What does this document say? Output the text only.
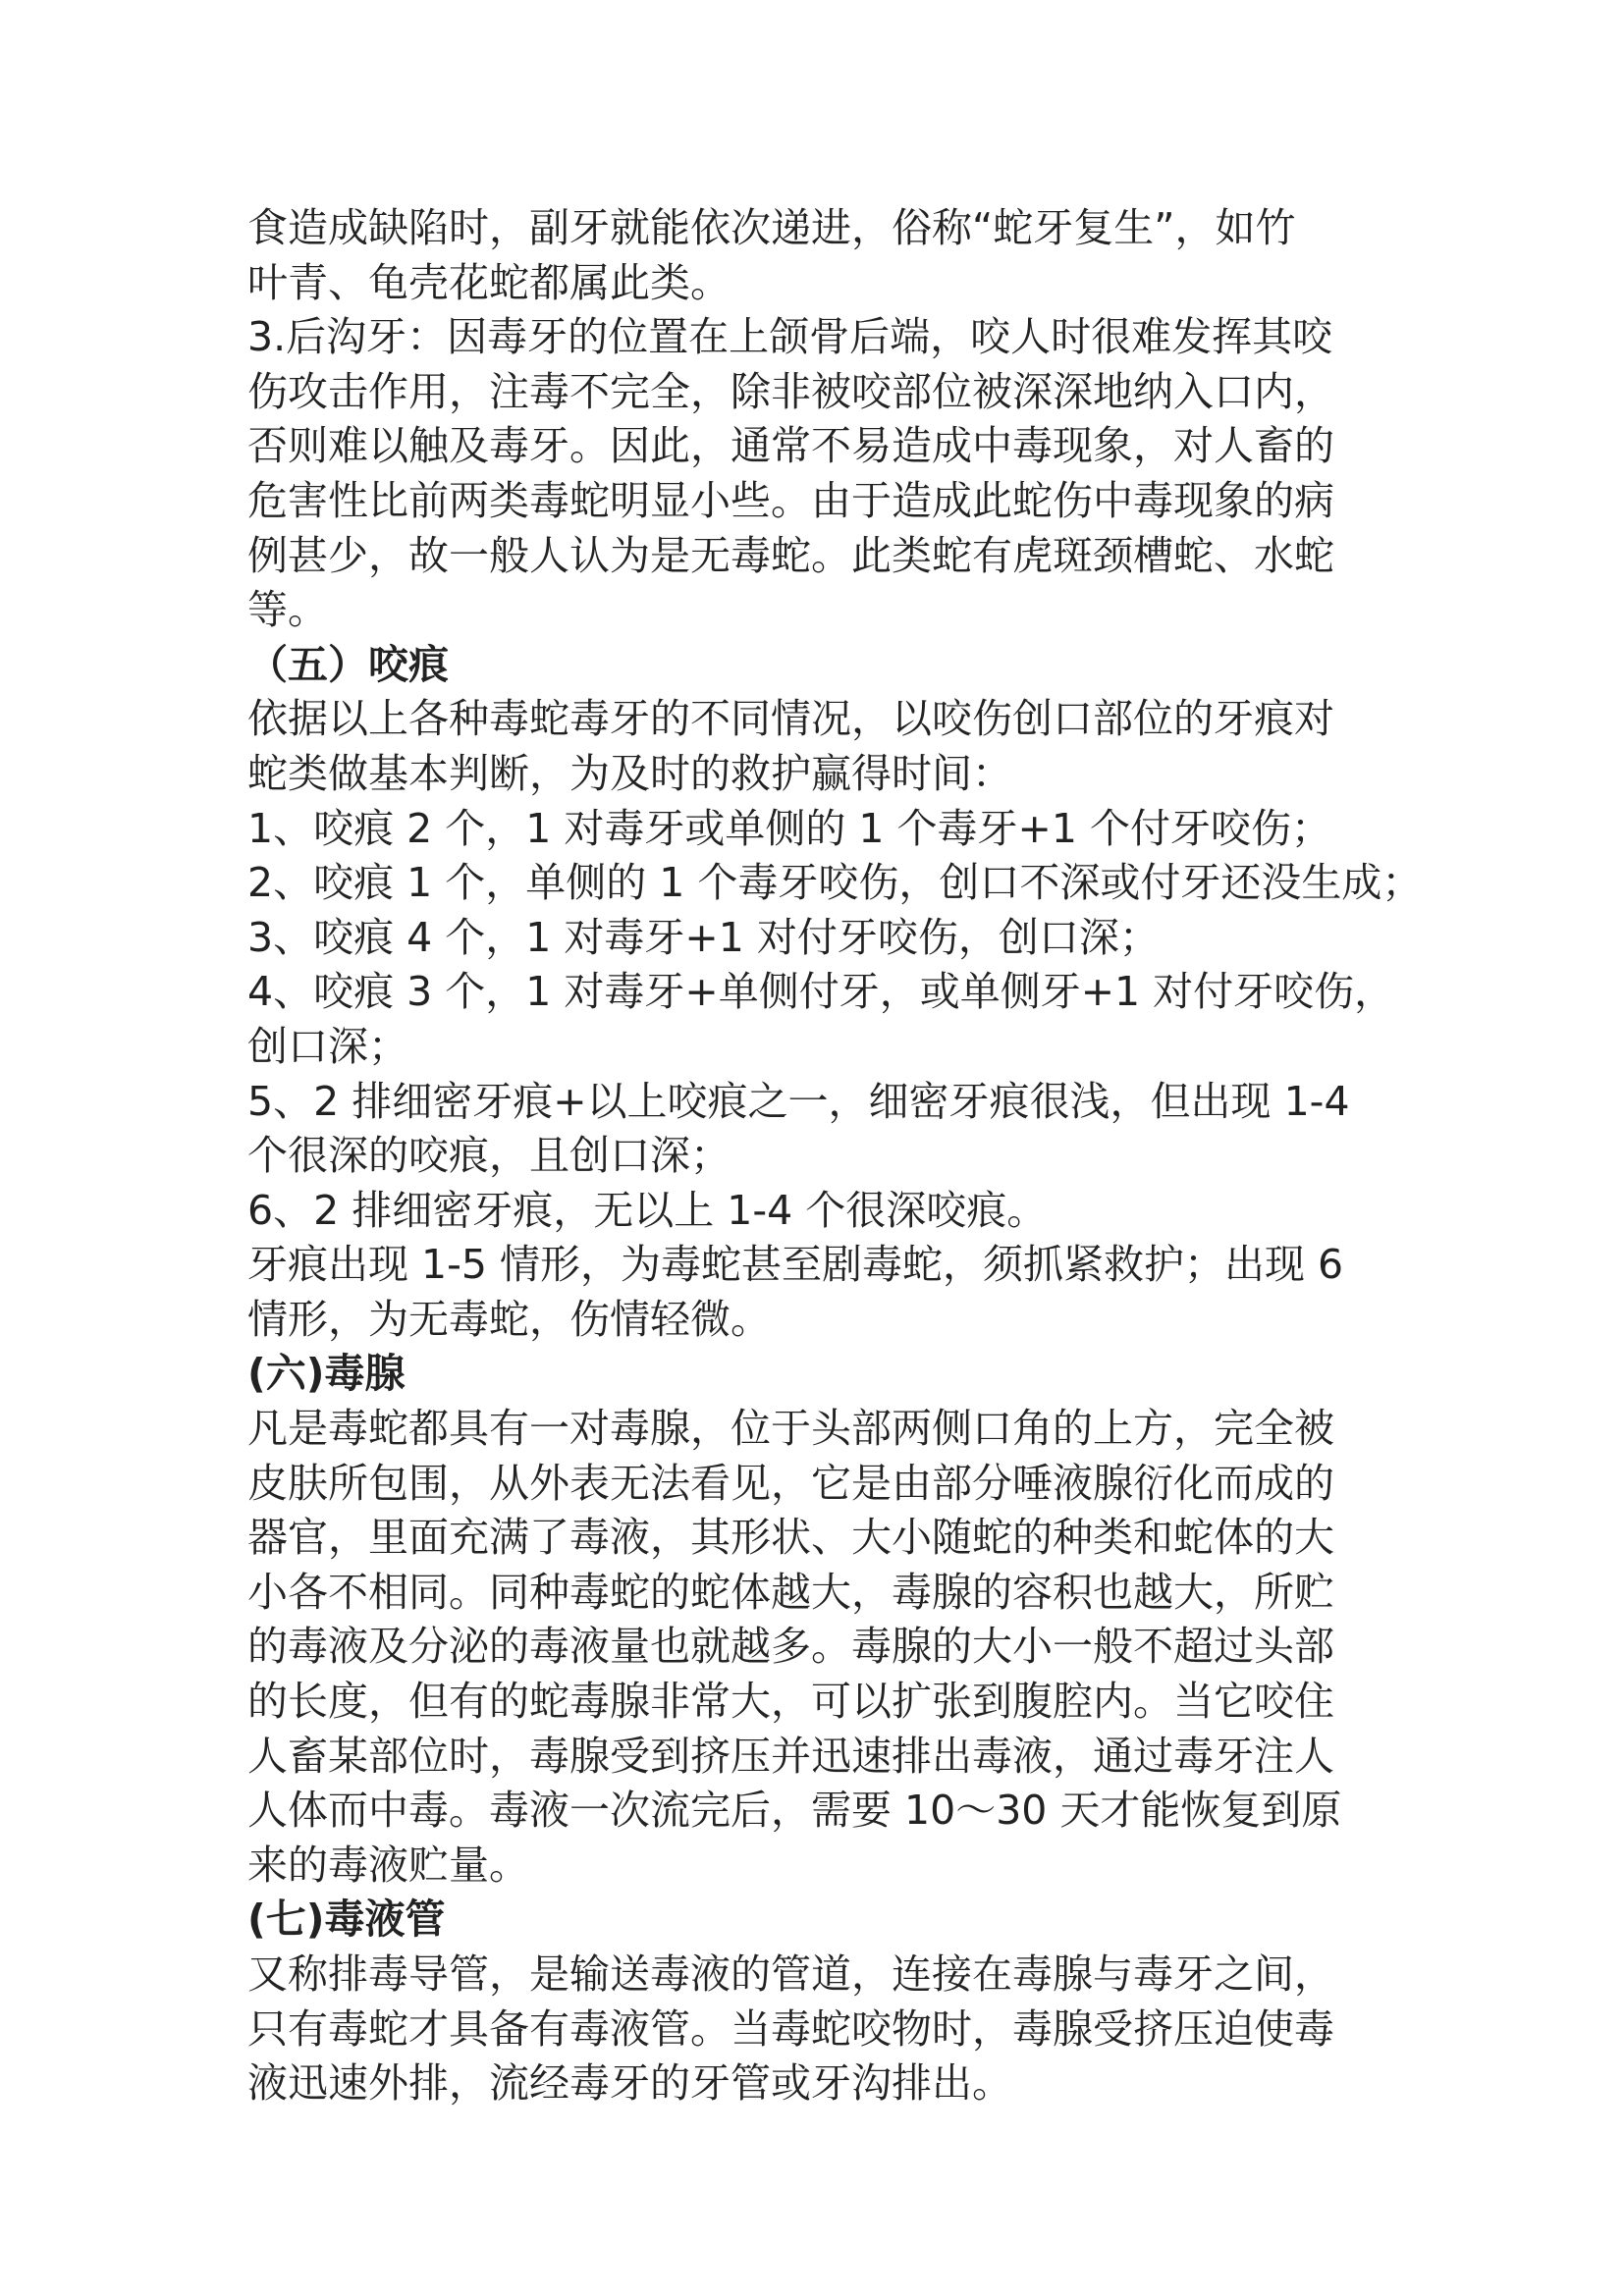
食造成缺陷时，副牙就能依次递进，俗称“蛇牙复生”，如竹
叶青、龟壳花蛇都属此类。
3.后沟牙：因毒牙的位置在上颌骨后端，咬人时很难发挥其咬
伤攻击作用，注毒不完全，除非被咬部位被深深地纳入口内，
否则难以触及毒牙。因此，通常不易造成中毒现象，对人畜的
危害性比前两类毒蛇明显小些。由于造成此蛇伤中毒现象的病
例甚少，故一般人认为是无毒蛇。此类蛇有虎斑颈槽蛇、水蛇
等。
（五）咬痕
依据以上各种毒蛇毒牙的不同情况，以咬伤创口部位的牙痕对
蛇类做基本判断，为及时的救护赢得时间：
1、咬痕 2 个，1 对毒牙或单侧的 1 个毒牙+1 个付牙咬伤；
2、咬痕 1 个，单侧的 1 个毒牙咬伤，创口不深或付牙还没生成；
3、咬痕 4 个，1 对毒牙+1 对付牙咬伤，创口深；
4、咬痕 3 个，1 对毒牙+单侧付牙，或单侧牙+1 对付牙咬伤，
创口深；
5、2 排细密牙痕+以上咬痕之一，细密牙痕很浅，但出现 1-4
个很深的咬痕，且创口深；
6、2 排细密牙痕，无以上 1-4 个很深咬痕。
牙痕出现 1-5 情形，为毒蛇甚至剧毒蛇，须抓紧救护；出现 6
情形，为无毒蛇，伤情轻微。
(六)毒腺
凡是毒蛇都具有一对毒腺，位于头部两侧口角的上方，完全被
皮肤所包围，从外表无法看见，它是由部分唾液腺衍化而成的
器官，里面充满了毒液，其形状、大小随蛇的种类和蛇体的大
小各不相同。同种毒蛇的蛇体越大，毒腺的容积也越大，所贮
的毒液及分泌的毒液量也就越多。毒腺的大小一般不超过头部
的长度，但有的蛇毒腺非常大，可以扩张到腹腔内。当它咬住
人畜某部位时，毒腺受到挤压并迅速排出毒液，通过毒牙注人
人体而中毒。毒液一次流完后，需要 10～30 天才能恢复到原
来的毒液贮量。
(七)毒液管
又称排毒导管，是输送毒液的管道，连接在毒腺与毒牙之间，
只有毒蛇才具备有毒液管。当毒蛇咬物时，毒腺受挤压迫使毒
液迅速外排，流经毒牙的牙管或牙沟排出。
